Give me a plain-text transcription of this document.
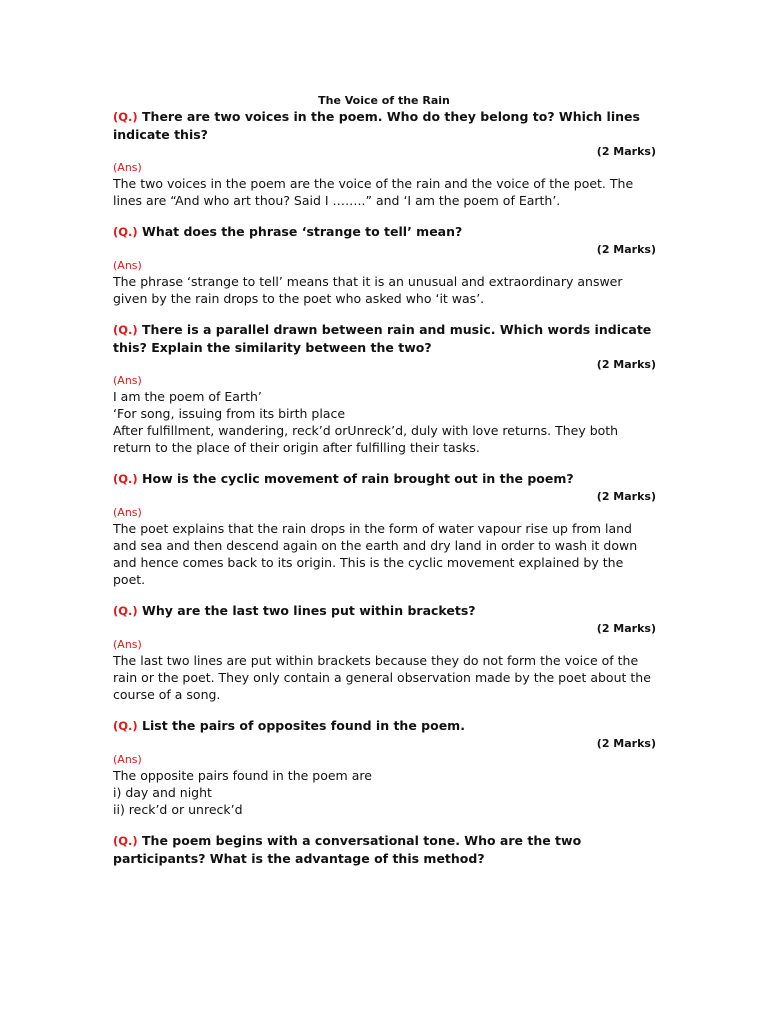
The Voice of the Rain
(Q.) There are two voices in the poem. Who do they belong to? Which lines indicate this?
(2 Marks)
(Ans)

The two voices in the poem are the voice of the rain and the voice of the poet. The lines are “And who art thou? Said I ……..” and ‘I am the poem of Earth’.

(Q.) What does the phrase ‘strange to tell’ mean?
(2 Marks)
(Ans)

The phrase ‘strange to tell’ means that it is an unusual and extraordinary answer given by the rain drops to the poet who asked who ‘it was’.

(Q.) There is a parallel drawn between rain and music. Which words indicate this? Explain the similarity between the two?
(2 Marks)
(Ans)

I am the poem of Earth’

‘For song, issuing from its birth place

After fulfillment, wandering, reck’d orUnreck’d, duly with love returns. They both return to the place of their origin after fulfilling their tasks.

(Q.) How is the cyclic movement of rain brought out in the poem?
(2 Marks)
(Ans)

The poet explains that the rain drops in the form of water vapour rise up from land and sea and then descend again on the earth and dry land in order to wash it down and hence comes back to its origin. This is the cyclic movement explained by the poet.

(Q.) Why are the last two lines put within brackets?
(2 Marks)
(Ans)

The last two lines are put within brackets because they do not form the voice of the rain or the poet. They only contain a general observation made by the poet about the course of a song.

(Q.) List the pairs of opposites found in the poem.
(2 Marks)
(Ans)

The opposite pairs found in the poem are

i) day and night

ii) reck’d or unreck’d

(Q.) The poem begins with a conversational tone. Who are the two participants? What is the advantage of this method?
